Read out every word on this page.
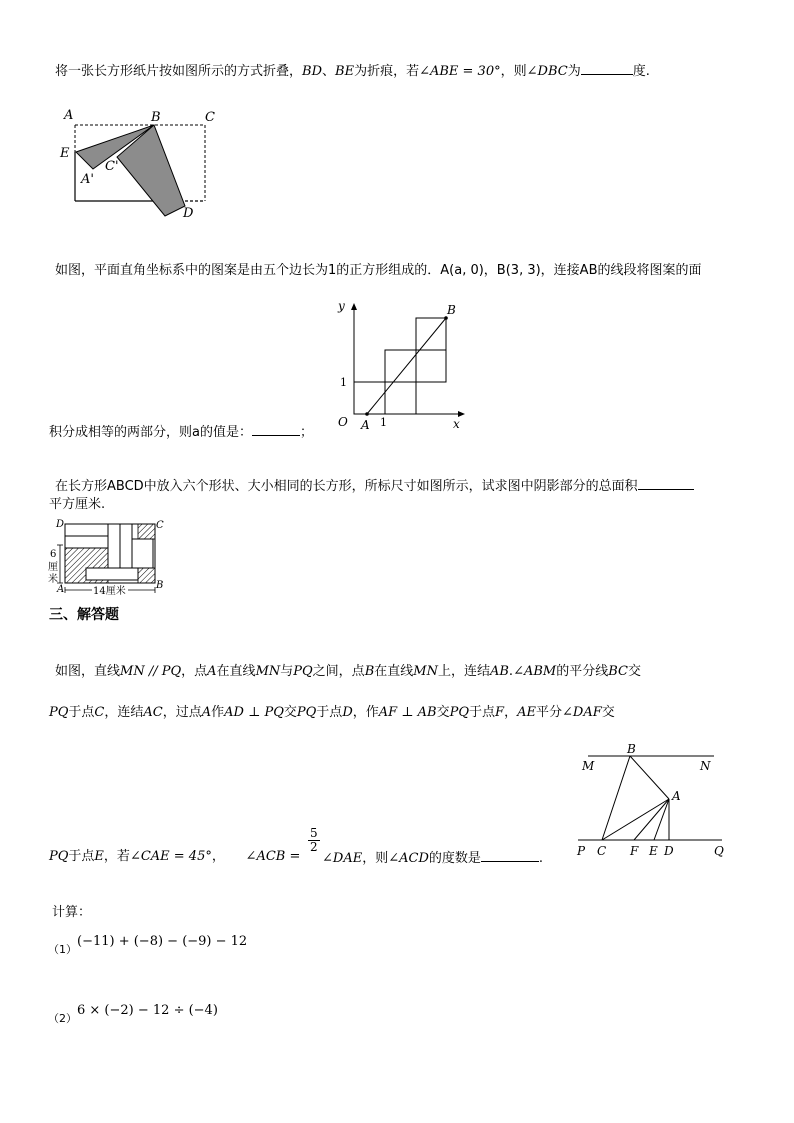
将一张长方形纸片按如图所示的方式折叠，BD、BE为折痕，若∠ABE = 30°，则∠DBC为	度.
A	B	C
E
A'
C'
D
如图，平面直角坐标系中的图案是由五个边长为1的正方形组成的．A(a, 0)，B(3, 3)，连接AB的线段将图案的面
y
x
O A
B
1
1
积分成相等的两部分，则a的值是：	；
在长方形ABCD中放入六个形状、大小相同的长方形，所标尺寸如图所示，试求图中阴影部分的总面积
平方厘米.
D	C
A	B
6
厘
米
14厘米
三、解答题
如图，直线MN // PQ，点A在直线MN与PQ之间，点B在直线MN上，连结AB.∠ABM的平分线BC交
PQ于点C，连结AC，过点A作AD ⊥ PQ交PQ于点D，作AF ⊥ AB交PQ于点F，AE平分∠DAF交
PQ于点E，若∠CAE = 45°， ∠ACB =
$\frac{5}{2}$
∠DAE，则∠ACD的度数是	.
M	N
B
A
P C F E D	Q
计算：
（1）(−11) + (−8) − (−9) − 12
（2）6 × (−2) − 12 ÷ (−4)
